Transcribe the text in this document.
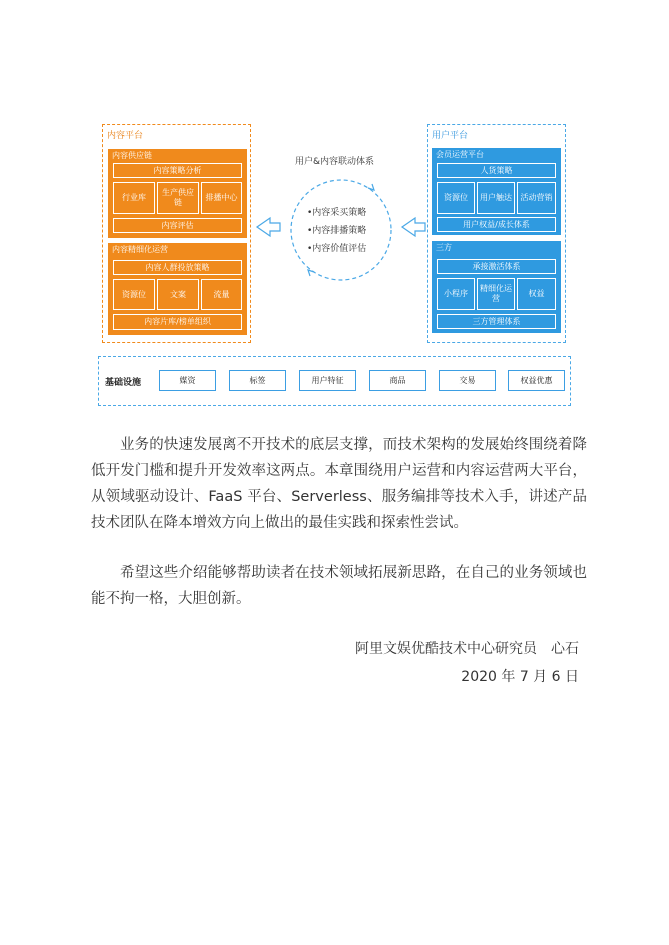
内容平台
内容供应链
内容策略分析
行业库
生产供应链
排播中心
内容评估
内容精细化运营
内容人群投放策略
资源位	文案	流量
内容片库/榜单组织
用户&内容联动体系
•内容采买策略
•内容排播策略
•内容价值评估
用户平台
会员运营平台
人货策略
资源位	用户触达	活动营销
用户权益/成长体系
三方
承接激活体系
小程序
精细化运营
权益
三方管理体系
基础设施	媒资	标签	用户特征	商品	交易	权益优惠

业务的快速发展离不开技术的底层支撑，而技术架构的发展始终围绕着降低开发门槛和提升开发效率这两点。本章围绕用户运营和内容运营两大平台，从领域驱动设计、FaaS 平台、Serverless、服务编排等技术入手，讲述产品技术团队在降本增效方向上做出的最佳实践和探索性尝试。

希望这些介绍能够帮助读者在技术领域拓展新思路，在自己的业务领域也能不拘一格，大胆创新。

阿里文娱优酷技术中心研究员　心石
2020 年 7 月 6 日
